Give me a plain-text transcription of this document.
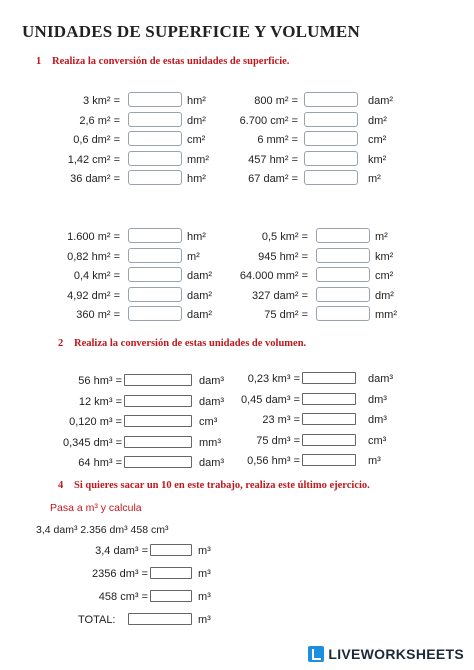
UNIDADES DE SUPERFICIE Y VOLUMEN
1 Realiza la conversión de estas unidades de superficie.
2 Realiza la conversión de estas unidades de volumen.
4 Si quieres sacar un 10 en este trabajo, realiza este último ejercicio.
3 km² =	hm²
2,6 m² =	dm²
0,6 dm² =	cm²
1,42 cm² =	mm²
36 dam² =	hm²
800 m² =	dam²
6.700 cm² =	dm²
6 mm² =	cm²
457 hm² =	km²
67 dam² =	m²
1.600 m² =	hm²
0,82 hm² =	m²
0,4 km² =	dam²
4,92 dm² =	dam²
360 m² =	dam²
0,5 km² =	m²
945 hm² =	km²
64.000 mm² =	cm²
327 dam² =	dm²
75 dm² =	mm²
56 hm³ =	dam³
12 km³ =	dam³
0,120 m³ =	cm³
0,345 dm³ =	mm³
64 hm³ =	dam³
0,23 km³ =	dam³
0,45 dam³ =	dm³
23 m³ =	dm³
75 dm³ =	cm³
0,56 hm³ =	m³
3,4 dam³ =	m³
2356 dm³ =	m³
458 cm³ =	m³
TOTAL:	m³
Pasa a m³ y calcula
3,4 dam³ 2.356 dm³ 458 cm³
LIVEWORKSHEETS
